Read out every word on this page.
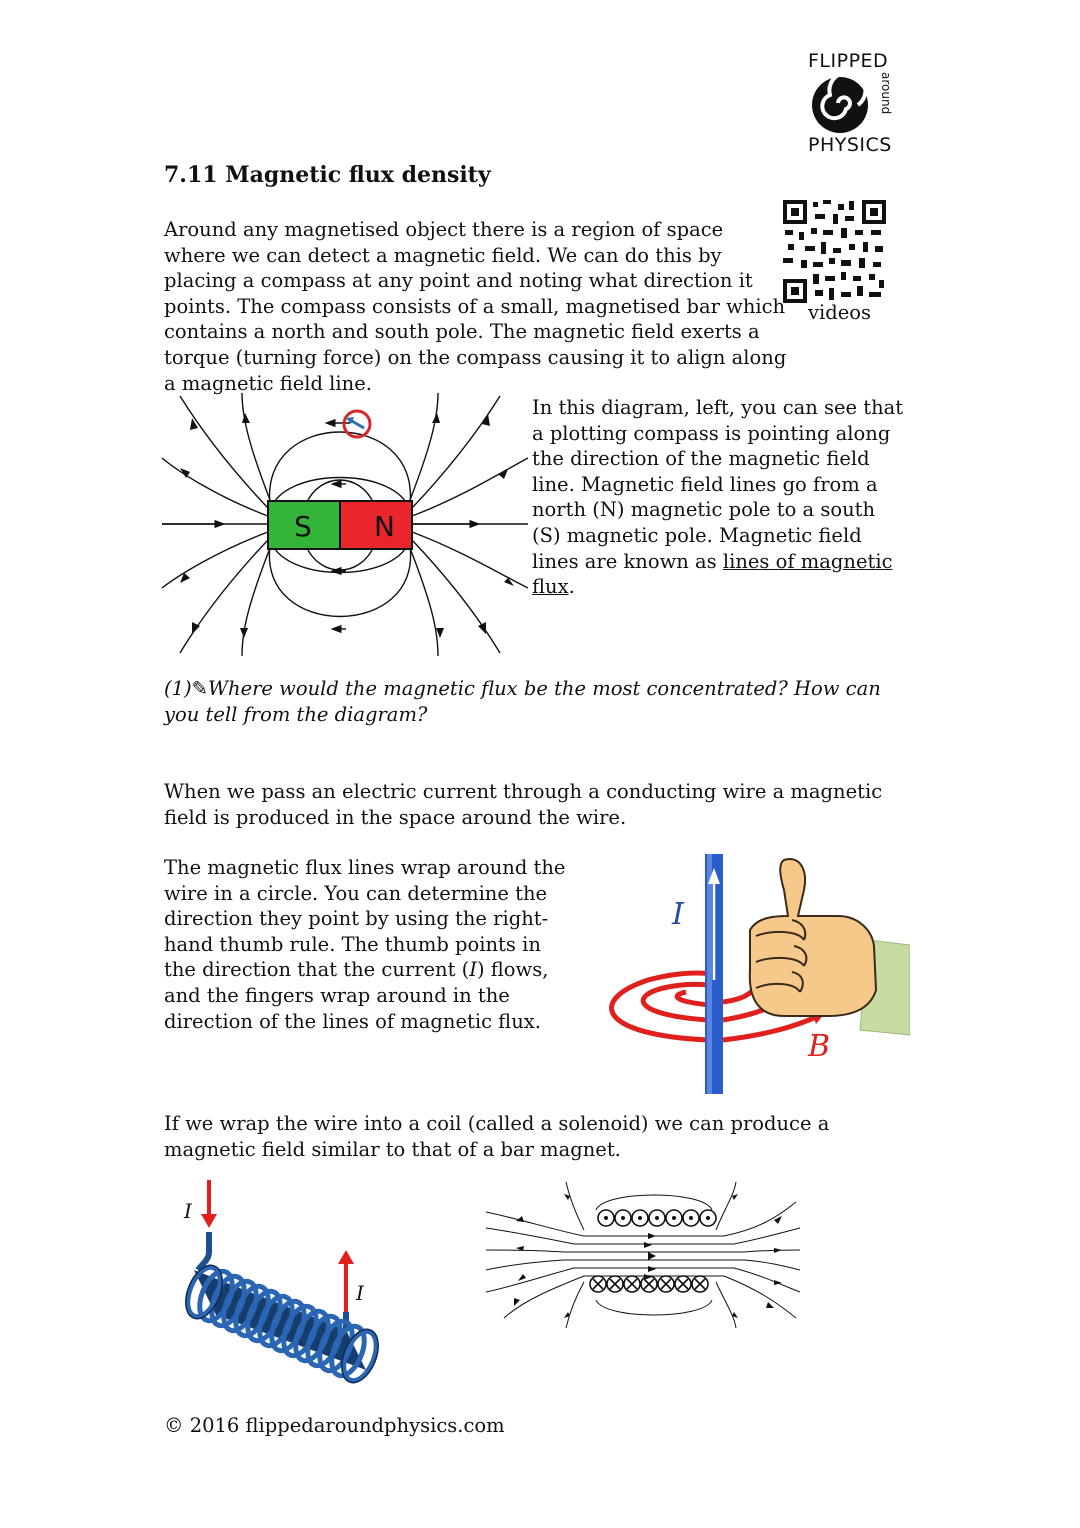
FLIPPED
around
PHYSICS
7.11 Magnetic flux density
videos

Around any magnetised object there is a region of space where we can detect a magnetic field. We can do this by placing a compass at any point and noting what direction it points. The compass consists of a small, magnetised bar which contains a north and south pole. The magnetic field exerts a torque (turning force) on the compass causing it to align along a magnetic field line.

S N

In this diagram, left, you can see that a plotting compass is pointing along the direction of the magnetic field line. Magnetic field lines go from a north (N) magnetic pole to a south (S) magnetic pole. Magnetic field lines are known as lines of magnetic flux.

(1)✎Where would the magnetic flux be the most concentrated? How can you tell from the diagram?

When we pass an electric current through a conducting wire a magnetic field is produced in the space around the wire.

The magnetic flux lines wrap around the wire in a circle. You can determine the direction they point by using the right-hand thumb rule. The thumb points in the direction that the current (I) flows, and the fingers wrap around in the direction of the lines of magnetic flux.

I
B

If we wrap the wire into a coil (called a solenoid) we can produce a magnetic field similar to that of a bar magnet.

I
I
© 2016 flippedaroundphysics.com
